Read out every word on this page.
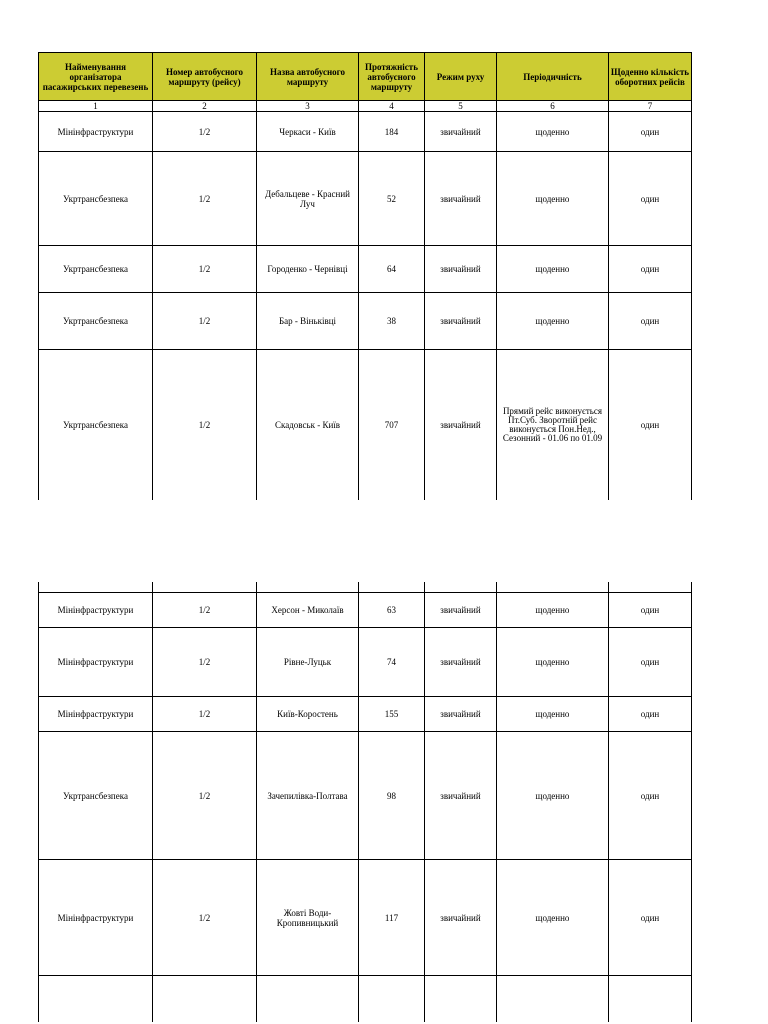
Найменування організатора пасажирських перевезень	Номер автобусного маршруту (рейсу)	Назва автобусного маршруту	Протяжність автобусного маршруту	Режим руху	Періодичність	Щоденно кількість оборотних рейсів
1	2	3	4	5	6	7
Мінінфраструктури	1/2	Черкаси - Київ	184	звичайний	щоденно	один
Укртрансбезпека	1/2	Дебальцеве - Красний Луч	52	звичайний	щоденно	один
Укртрансбезпека	1/2	Городенко - Чернівці	64	звичайний	щоденно	один
Укртрансбезпека	1/2	Бар - Віньківці	38	звичайний	щоденно	один
Укртрансбезпека	1/2	Скадовськ - Київ	707	звичайний	Прямий рейс виконується Пт.Суб. Зворотній рейс виконується Пон.Нед., Сезонний - 01.06 по 01.09	один

Мінінфраструктури	1/2	Херсон - Миколаїв	63	звичайний	щоденно	один
Мінінфраструктури	1/2	Рівне-Луцьк	74	звичайний	щоденно	один
Мінінфраструктури	1/2	Київ-Коростень	155	звичайний	щоденно	один
Укртрансбезпека	1/2	Зачепилівка-Полтава	98	звичайний	щоденно	один
Мінінфраструктури	1/2	Жовті Води-Кропивницький	117	звичайний	щоденно	один
